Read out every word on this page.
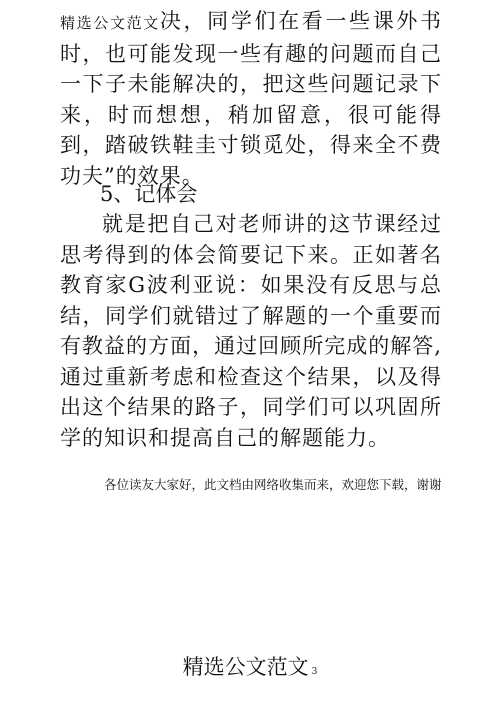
精选公文范文决，同学们在看一些课外书时，也可能发现一些有趣的问题而自己一下子未能解决的，把这些问题记录下来，时而想想，稍加留意，很可能得到，踏破铁鞋圭寸锁觅处，得来全不费功夫”的效果。

5、记体会

就是把自己对老师讲的这节课经过思考得到的体会简要记下来。正如著名教育家G波利亚说：如果没有反思与总结，同学们就错过了解题的一个重要而有教益的方面，通过回顾所完成的解答,通过重新考虑和检查这个结果，以及得出这个结果的路子，同学们可以巩固所学的知识和提高自己的解题能力。

各位读友大家好，此文档由网络收集而来，欢迎您下载，谢谢

精选公文范文 3
